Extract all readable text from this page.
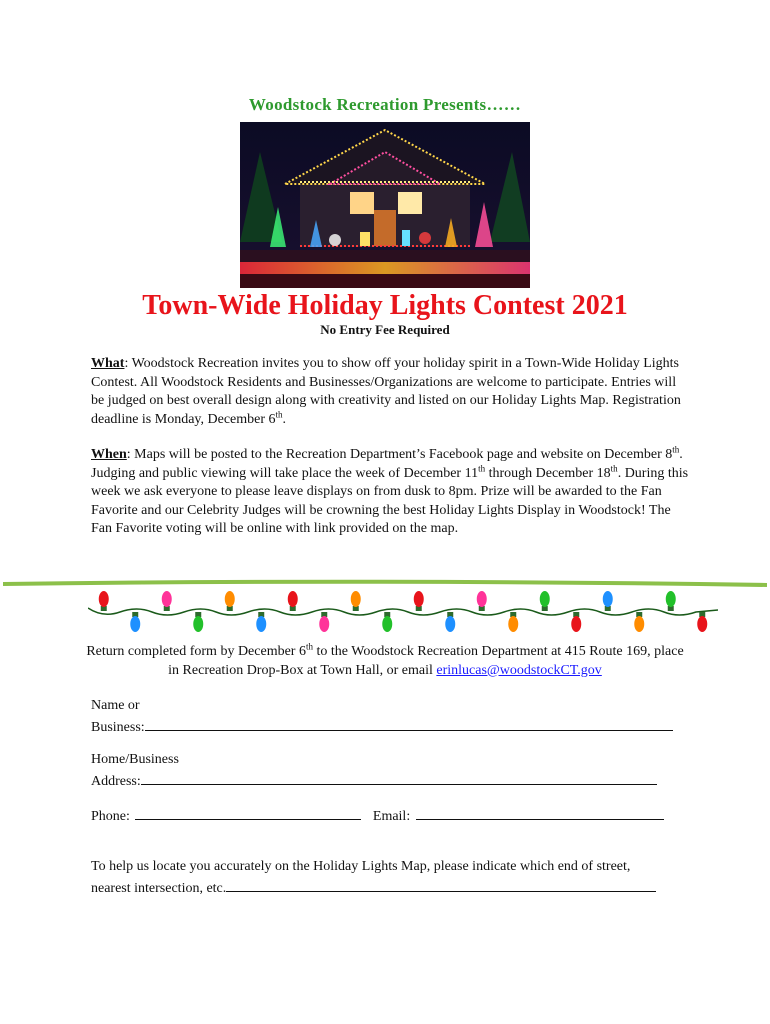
Woodstock Recreation Presents……
Town-Wide Holiday Lights Contest 2021
No Entry Fee Required
What: Woodstock Recreation invites you to show off your holiday spirit in a Town-Wide Holiday Lights Contest. All Woodstock Residents and Businesses/Organizations are welcome to participate. Entries will be judged on best overall design along with creativity and listed on our Holiday Lights Map. Registration deadline is Monday, December 6th.
When: Maps will be posted to the Recreation Department’s Facebook page and website on December 8th. Judging and public viewing will take place the week of December 11th through December 18th. During this week we ask everyone to please leave displays on from dusk to 8pm. Prize will be awarded to the Fan Favorite and our Celebrity Judges will be crowning the best Holiday Lights Display in Woodstock! The Fan Favorite voting will be online with link provided on the map.
Return completed form by December 6th to the Woodstock Recreation Department at 415 Route 169, place in Recreation Drop-Box at Town Hall, or email erinlucas@woodstockCT.gov
Name or
Business:
Home/Business
Address:
Phone:	Email:
To help us locate you accurately on the Holiday Lights Map, please indicate which end of street,
nearest intersection, etc.
